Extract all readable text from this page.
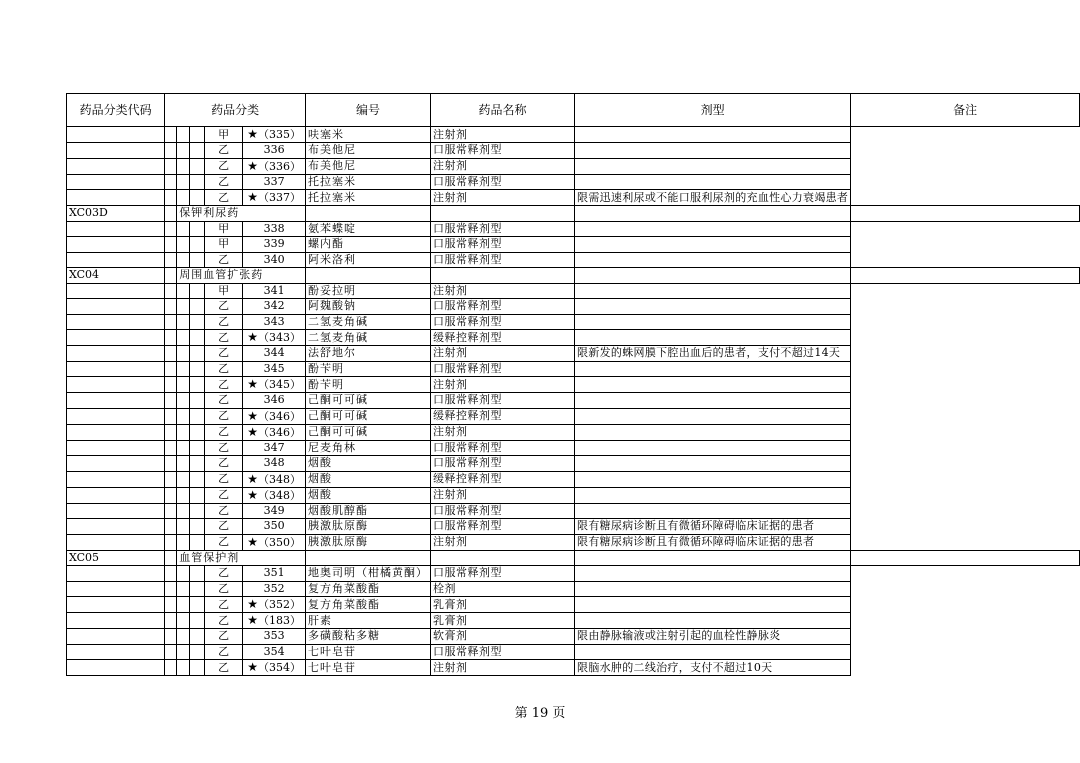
药品分类代码	药品分类					编号	药品名称	剂型	备注
				甲	★（335）	呋塞米	注射剂		
				乙	336	布美他尼	口服常释剂型		
				乙	★（336）	布美他尼	注射剂		
				乙	337	托拉塞米	口服常释剂型		
				乙	★（337）	托拉塞米	注射剂	限需迅速利尿或不能口服利尿剂的充血性心力衰竭患者	
XC03D		保钾利尿药							
				甲	338	氨苯蝶啶	口服常释剂型		
				甲	339	螺内酯	口服常释剂型		
				乙	340	阿米洛利	口服常释剂型		
XC04		周围血管扩张药							
				甲	341	酚妥拉明	注射剂		
				乙	342	阿魏酸钠	口服常释剂型		
				乙	343	二氢麦角碱	口服常释剂型		
				乙	★（343）	二氢麦角碱	缓释控释剂型		
				乙	344	法舒地尔	注射剂	限新发的蛛网膜下腔出血后的患者，支付不超过14天	
				乙	345	酚苄明	口服常释剂型		
				乙	★（345）	酚苄明	注射剂		
				乙	346	己酮可可碱	口服常释剂型		
				乙	★（346）	己酮可可碱	缓释控释剂型		
				乙	★（346）	己酮可可碱	注射剂		
				乙	347	尼麦角林	口服常释剂型		
				乙	348	烟酸	口服常释剂型		
				乙	★（348）	烟酸	缓释控释剂型		
				乙	★（348）	烟酸	注射剂		
				乙	349	烟酸肌醇酯	口服常释剂型		
				乙	350	胰激肽原酶	口服常释剂型	限有糖尿病诊断且有微循环障碍临床证据的患者	
				乙	★（350）	胰激肽原酶	注射剂	限有糖尿病诊断且有微循环障碍临床证据的患者	
XC05		血管保护剂							
				乙	351	地奥司明（柑橘黄酮）	口服常释剂型		
				乙	352	复方角菜酸酯	栓剂		
				乙	★（352）	复方角菜酸酯	乳膏剂		
				乙	★（183）	肝素	乳膏剂		
				乙	353	多磺酸粘多糖	软膏剂	限由静脉输液或注射引起的血栓性静脉炎	
				乙	354	七叶皂苷	口服常释剂型		
				乙	★（354）	七叶皂苷	注射剂	限脑水肿的二线治疗，支付不超过10天	
第 19 页
